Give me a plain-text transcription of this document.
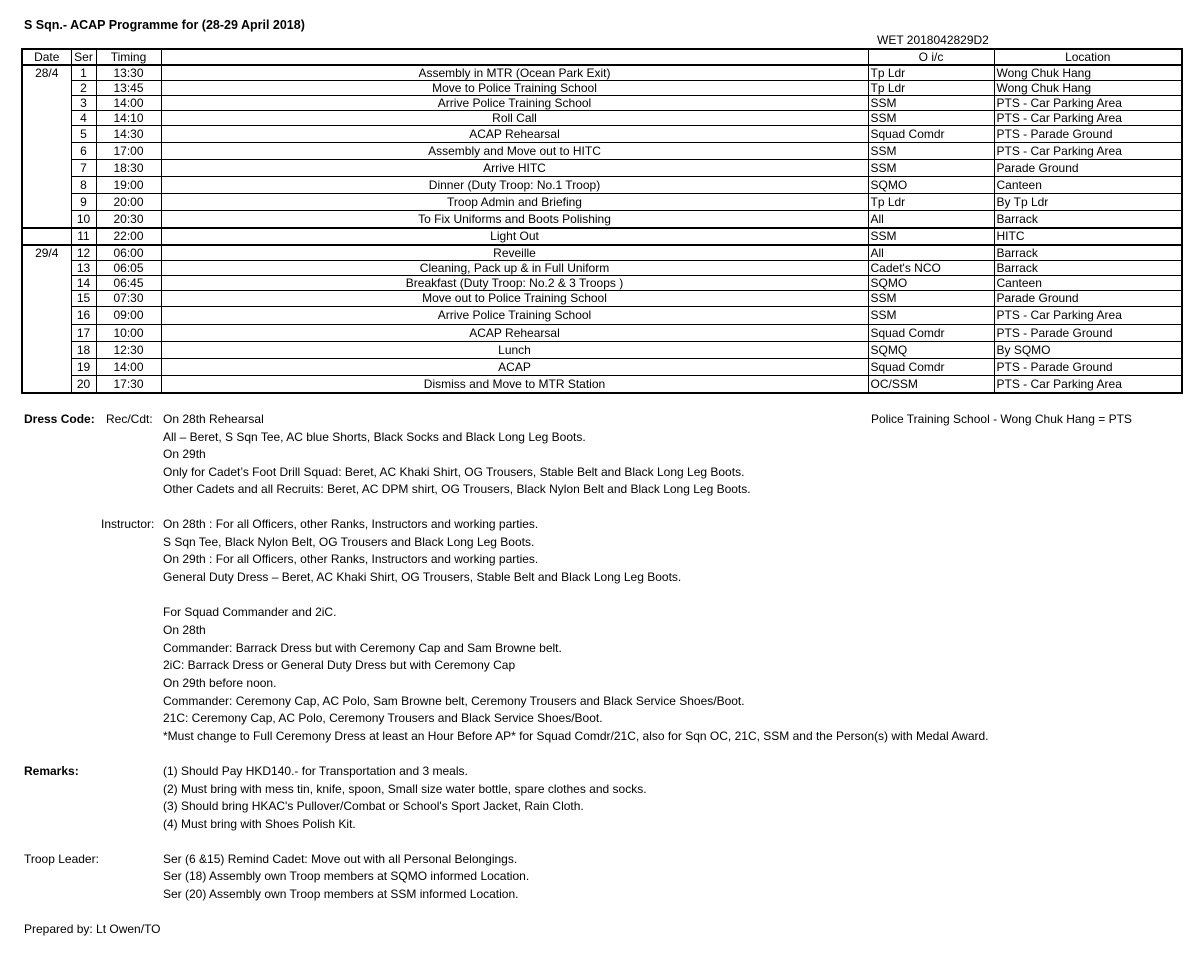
S Sqn.- ACAP Programme for (28-29 April 2018)
WET 2018042829D2
Date	Ser	Timing		O i/c	Location
28/4	1	13:30	Assembly in MTR (Ocean Park Exit)	Tp Ldr	Wong Chuk Hang
	2	13:45	Move to Police Training School	Tp Ldr	Wong Chuk Hang
	3	14:00	Arrive Police Training School	SSM	PTS - Car Parking Area
	4	14:10	Roll Call	SSM	PTS - Car Parking Area
	5	14:30	ACAP Rehearsal	Squad Comdr	PTS - Parade Ground
	6	17:00	Assembly and Move out to HITC	SSM	PTS - Car Parking Area
	7	18:30	Arrive HITC	SSM	Parade Ground
	8	19:00	Dinner (Duty Troop: No.1 Troop)	SQMO	Canteen
	9	20:00	Troop Admin and Briefing	Tp Ldr	By Tp Ldr
	10	20:30	To Fix Uniforms and Boots Polishing	All	Barrack
	11	22:00	Light Out	SSM	HITC
29/4	12	06:00	Reveille	All	Barrack
	13	06:05	Cleaning, Pack up & in Full Uniform	Cadet's NCO	Barrack
	14	06:45	Breakfast (Duty Troop: No.2 & 3 Troops )	SQMO	Canteen
	15	07:30	Move out to Police Training School	SSM	Parade Ground
	16	09:00	Arrive Police Training School	SSM	PTS - Car Parking Area
	17	10:00	ACAP Rehearsal	Squad Comdr	PTS - Parade Ground
	18	12:30	Lunch	SQMQ	By SQMO
	19	14:00	ACAP	Squad Comdr	PTS - Parade Ground
	20	17:30	Dismiss and Move to MTR Station	OC/SSM	PTS - Car Parking Area
Dress Code: Rec/Cdt: On 28th Rehearsal	Police Training School - Wong Chuk Hang = PTS
All – Beret, S Sqn Tee, AC blue Shorts, Black Socks and Black Long Leg Boots.
On 29th
Only for Cadet’s Foot Drill Squad: Beret, AC Khaki Shirt, OG Trousers, Stable Belt and Black Long Leg Boots.
Other Cadets and all Recruits: Beret, AC DPM shirt, OG Trousers, Black Nylon Belt and Black Long Leg Boots.
Instructor: On 28th : For all Officers, other Ranks, Instructors and working parties.
S Sqn Tee, Black Nylon Belt, OG Trousers and Black Long Leg Boots.
On 29th : For all Officers, other Ranks, Instructors and working parties.
General Duty Dress – Beret, AC Khaki Shirt, OG Trousers, Stable Belt and Black Long Leg Boots.
For Squad Commander and 2iC.
On 28th
Commander: Barrack Dress but with Ceremony Cap and Sam Browne belt.
2iC: Barrack Dress or General Duty Dress but with Ceremony Cap
On 29th before noon.
Commander: Ceremony Cap, AC Polo, Sam Browne belt, Ceremony Trousers and Black Service Shoes/Boot.
21C: Ceremony Cap, AC Polo, Ceremony Trousers and Black Service Shoes/Boot.
*Must change to Full Ceremony Dress at least an Hour Before AP* for Squad Comdr/21C, also for Sqn OC, 21C, SSM and the Person(s) with Medal Award.
Remarks:	(1) Should Pay HKD140.- for Transportation and 3 meals.
(2) Must bring with mess tin, knife, spoon, Small size water bottle, spare clothes and socks.
(3) Should bring HKAC's Pullover/Combat or School's Sport Jacket, Rain Cloth.
(4) Must bring with Shoes Polish Kit.
Troop Leader:	Ser (6 &15) Remind Cadet: Move out with all Personal Belongings.
Ser (18) Assembly own Troop members at SQMO informed Location.
Ser (20) Assembly own Troop members at SSM informed Location.
Prepared by: Lt Owen/TO
